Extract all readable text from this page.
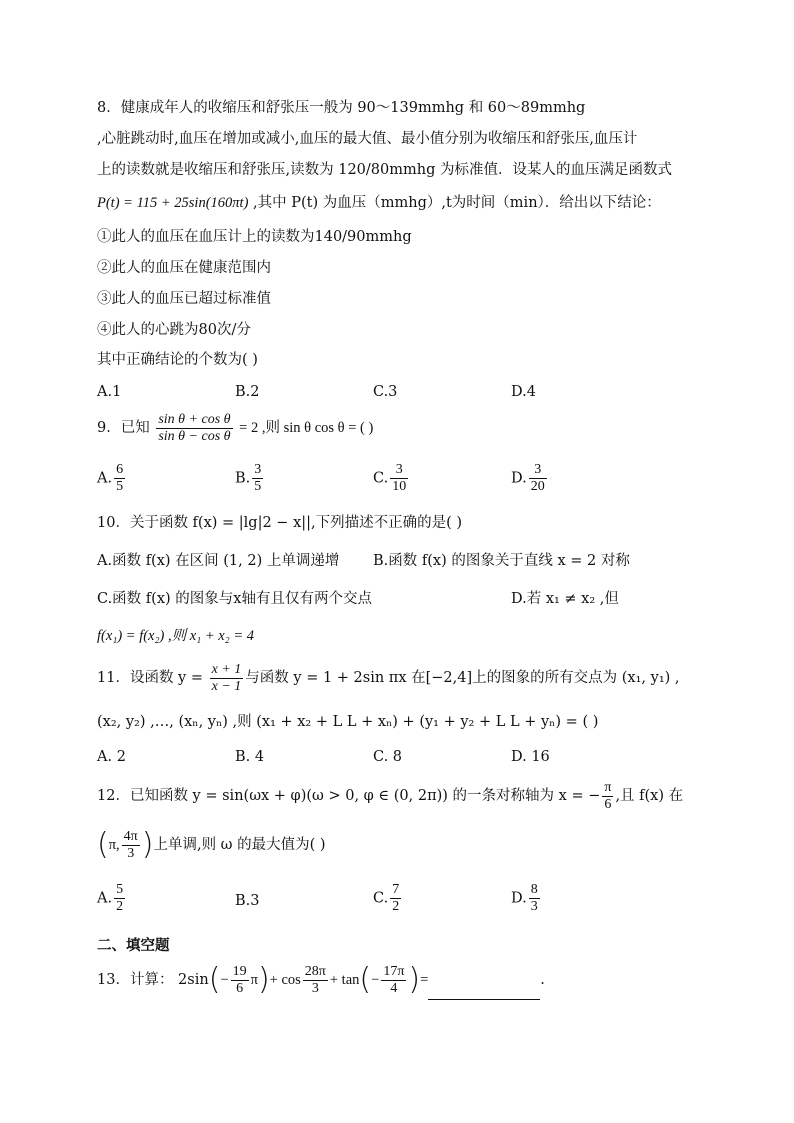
8．健康成年人的收缩压和舒张压一般为 90～139mmhg 和 60～89mmhg
,心脏跳动时,血压在增加或减小,血压的最大值、最小值分别为收缩压和舒张压,血压计
上的读数就是收缩压和舒张压,读数为 120/80mmhg 为标准值．设某人的血压满足函数式
P(t) = 115 + 25sin(160πt) ,其中 P(t) 为血压（mmhg）,t为时间（min）．给出以下结论：
①此人的血压在血压计上的读数为140/90mmhg
②此人的血压在健康范围内
③此人的血压已超过标准值
④此人的心跳为80次/分
其中正确结论的个数为( )
A.1	B.2	C.3	D.4
9．已知 $\frac{\text{sin θ + cos θ}}{\text{sin θ − cos θ}} = 2$ ,则 sin θ cos θ = ( )
A. $\frac{6}{5}$	B. $\frac{3}{5}$	C. $\frac{3}{10}$	D. $\frac{3}{20}$
10．关于函数 f(x) = |lg|2 − x||,下列描述不正确的是( )
A.函数 f(x) 在区间 (1, 2) 上单调递增 B.函数 f(x) 的图象关于直线 x = 2 对称
C.函数 f(x) 的图象与x轴有且仅有两个交点	D.若 x₁ ≠ x₂ ,但
f(x₁) = f(x₂) ,则 x₁ + x₂ = 4
11．设函数 $y = \frac{x + 1}{x - 1}$ 与函数 y = 1 + 2sin πx 在[−2,4]上的图象的所有交点为 (x₁, y₁) ,
(x₂, y₂) ,…, (xₙ, yₙ) ,则 (x₁ + x₂ + L L + xₙ) + (y₁ + y₂ + L L + yₙ) = ( )
A. 2	B. 4	C. 8	D. 16
12．已知函数 y = sin(ωx + φ)(ω > 0, φ ∈ (0, 2π)) 的一条对称轴为 x = − $\frac{\pi}{6}$ ,且 f(x) 在
(π, $\frac{4\pi}{3}$ )上单调,则 ω 的最大值为( )
A. $\frac{5}{2}$	B.3	C. $\frac{7}{2}$	D. $\frac{8}{3}$
二、填空题
13．计算： $2\sin(- \frac{19}{6} \pi)+ \cos \frac{28\pi}{3} + \tan(- \frac{17\pi}{4}$ )=	.
